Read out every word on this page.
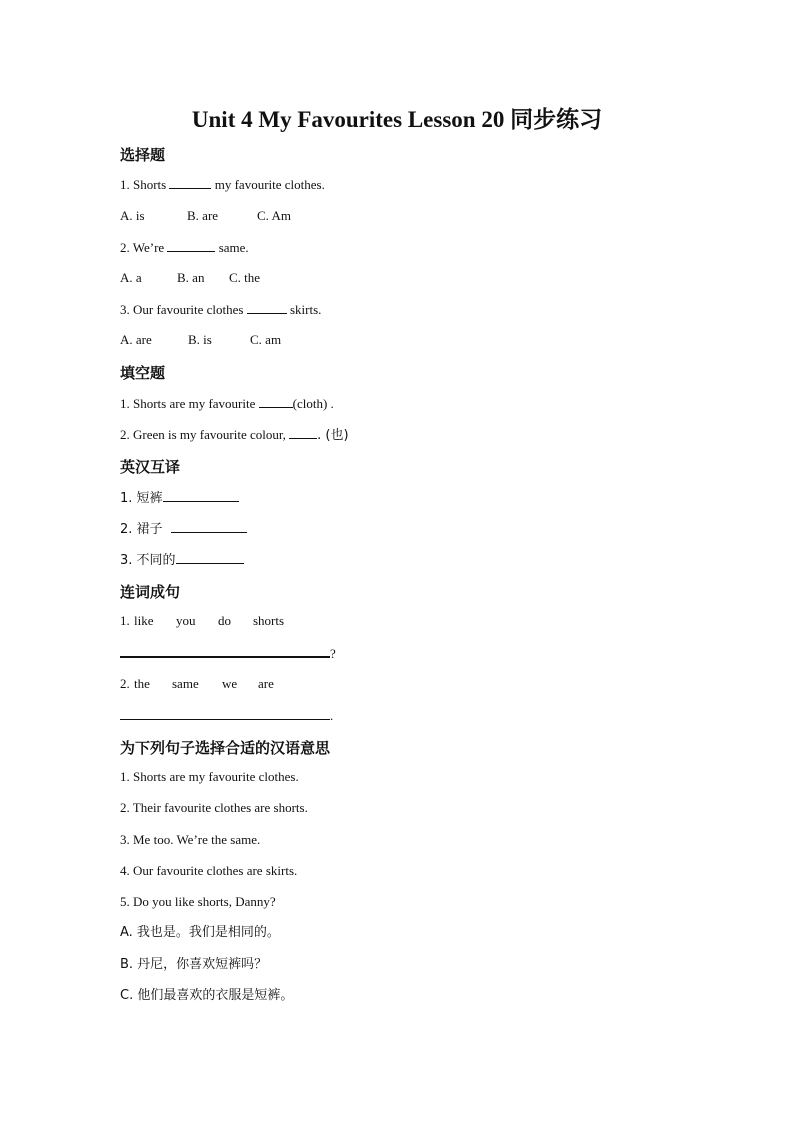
Unit 4 My Favourites Lesson 20 同步练习
选择题
1. Shorts	my favourite clothes.
A. is	B. are	C. Am
2. We’re	same.
A. a	B. an C. the
3. Our favourite clothes	skirts.
A. are	B. is	C. am
填空题
1. Shorts are my favourite	(cloth) .
2. Green is my favourite colour, . (也)
英汉互译
1. 短裤
2. 裙子
3. 不同的
连词成句
1. like you do shorts
?
2. the same we are
.
为下列句子选择合适的汉语意思
1. Shorts are my favourite clothes.
2. Their favourite clothes are shorts.
3. Me too. We’re the same.
4. Our favourite clothes are skirts.
5. Do you like shorts, Danny?
A. 我也是。我们是相同的。
B. 丹尼，你喜欢短裤吗？
C. 他们最喜欢的衣服是短裤。
